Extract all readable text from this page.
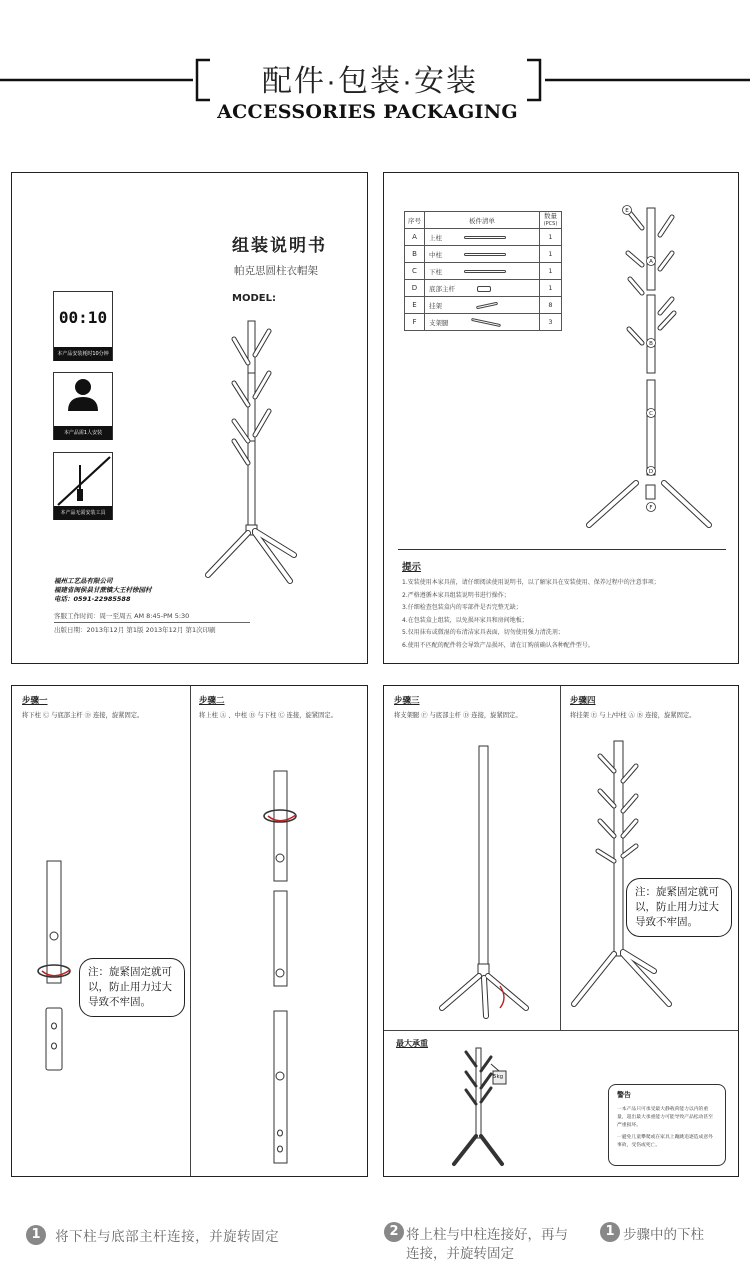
配件·包装·安装
ACCESSORIES PACKAGING
组装说明书
帕克思圆柱衣帽架
MODEL:
00:10
本产品安装耗时10分钟
本产品需1人安装
本产品无需安装工具
福州工艺品有限公司
福建省闽侯县甘蔗镇大王村徐园村
电话：0591-22985588
客服工作时间：周一至周五 AM 8:45-PM 5:30
出版日期：2013年12月 第1版 2013年12月 第1次印刷
序号	板件清单	数量
(PCS)
A	上柱	1
B	中柱	1
C	下柱	1
D	底部主杆	1
E	挂架	8
F	支架腿	3
E
A
B
C
D
F
提示
1.安装使用本家具前，请仔细阅读使用说明书，以了解家具在安装使用、保养过程中的注意事项；
2.严格遵循本家具组装说明书进行操作；
3.仔细检查包装盒内的零部件是否完整无缺；
4.在包装盒上组装，以免损坏家具和房间地板；
5.仅用抹布或微湿的布清洁家具表面，切勿使用强力清洗剂；
6.使用不匹配的配件将会导致产品损坏，请在订购前确认各种配件型号。
步骤一
将下柱 Ⓒ 与底部主杆 Ⓓ 连接，旋紧固定。
步骤二
将上柱 Ⓐ 、中柱 Ⓑ 与下柱 Ⓒ 连接，旋紧固定。
注：旋紧固定就可以，防止用力过大导致不牢固。
步骤三
将支架腿 Ⓕ 与底部主杆 Ⓓ 连接，旋紧固定。
步骤四
将挂架 Ⓔ 与上/中柱 Ⓐ Ⓑ 连接，旋紧固定。
注：旋紧固定就可以，防止用力过大导致不牢固。
最大承重
5kg
警告
一本产品只可承受最大静载荷能力以内的重量，超出最大承重能力可能导致产品松动甚至严重损坏。
一避免儿童攀爬或在家具上蹦跳追逐造成意外事故，受伤或死亡。
1 将下柱与底部主杆连接，并旋转固定	2 将上柱与中柱连接好，再与	1 步骤中的下柱
连接，并旋转固定
